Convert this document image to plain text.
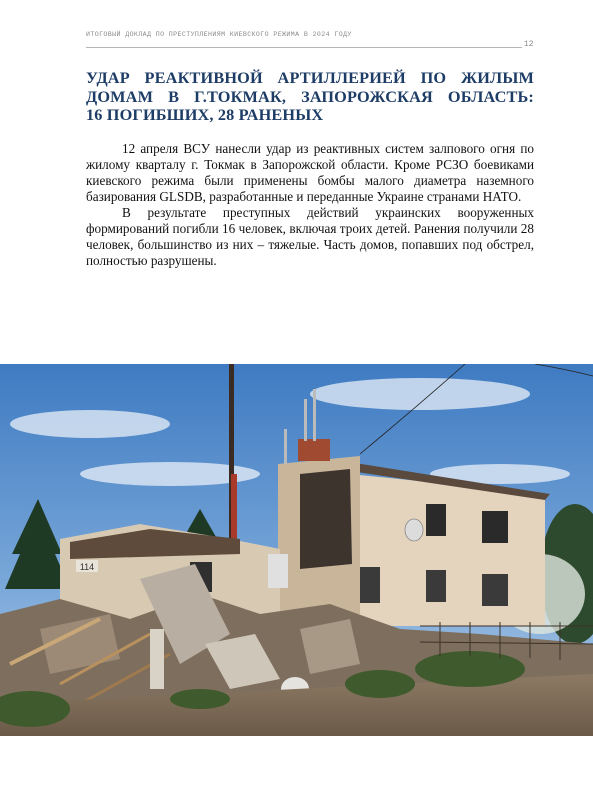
ИТОГОВЫЙ ДОКЛАД ПО ПРЕСТУПЛЕНИЯМ КИЕВСКОГО РЕЖИМА В 2024 ГОДУ
12
УДАР РЕАКТИВНОЙ АРТИЛЛЕРИЕЙ ПО ЖИЛЫМ
ДОМАМ В Г.ТОКМАК, ЗАПОРОЖСКАЯ ОБЛАСТЬ:
16 ПОГИБШИХ, 28 РАНЕНЫХ

12 апреля ВСУ нанесли удар из реактивных систем залпового огня по жилому кварталу г. Токмак в Запорожской области. Кроме РСЗО боевиками киевского режима были применены бомбы малого диаметра наземного базирования GLSDB, разработанные и переданные Украине странами НАТО.

В результате преступных действий украинских вооруженных формирований погибли 16 человек, включая троих детей. Ранения получили 28 человек, большинство из них – тяжелые. Часть домов, попавших под обстрел, полностью разрушены.

114
